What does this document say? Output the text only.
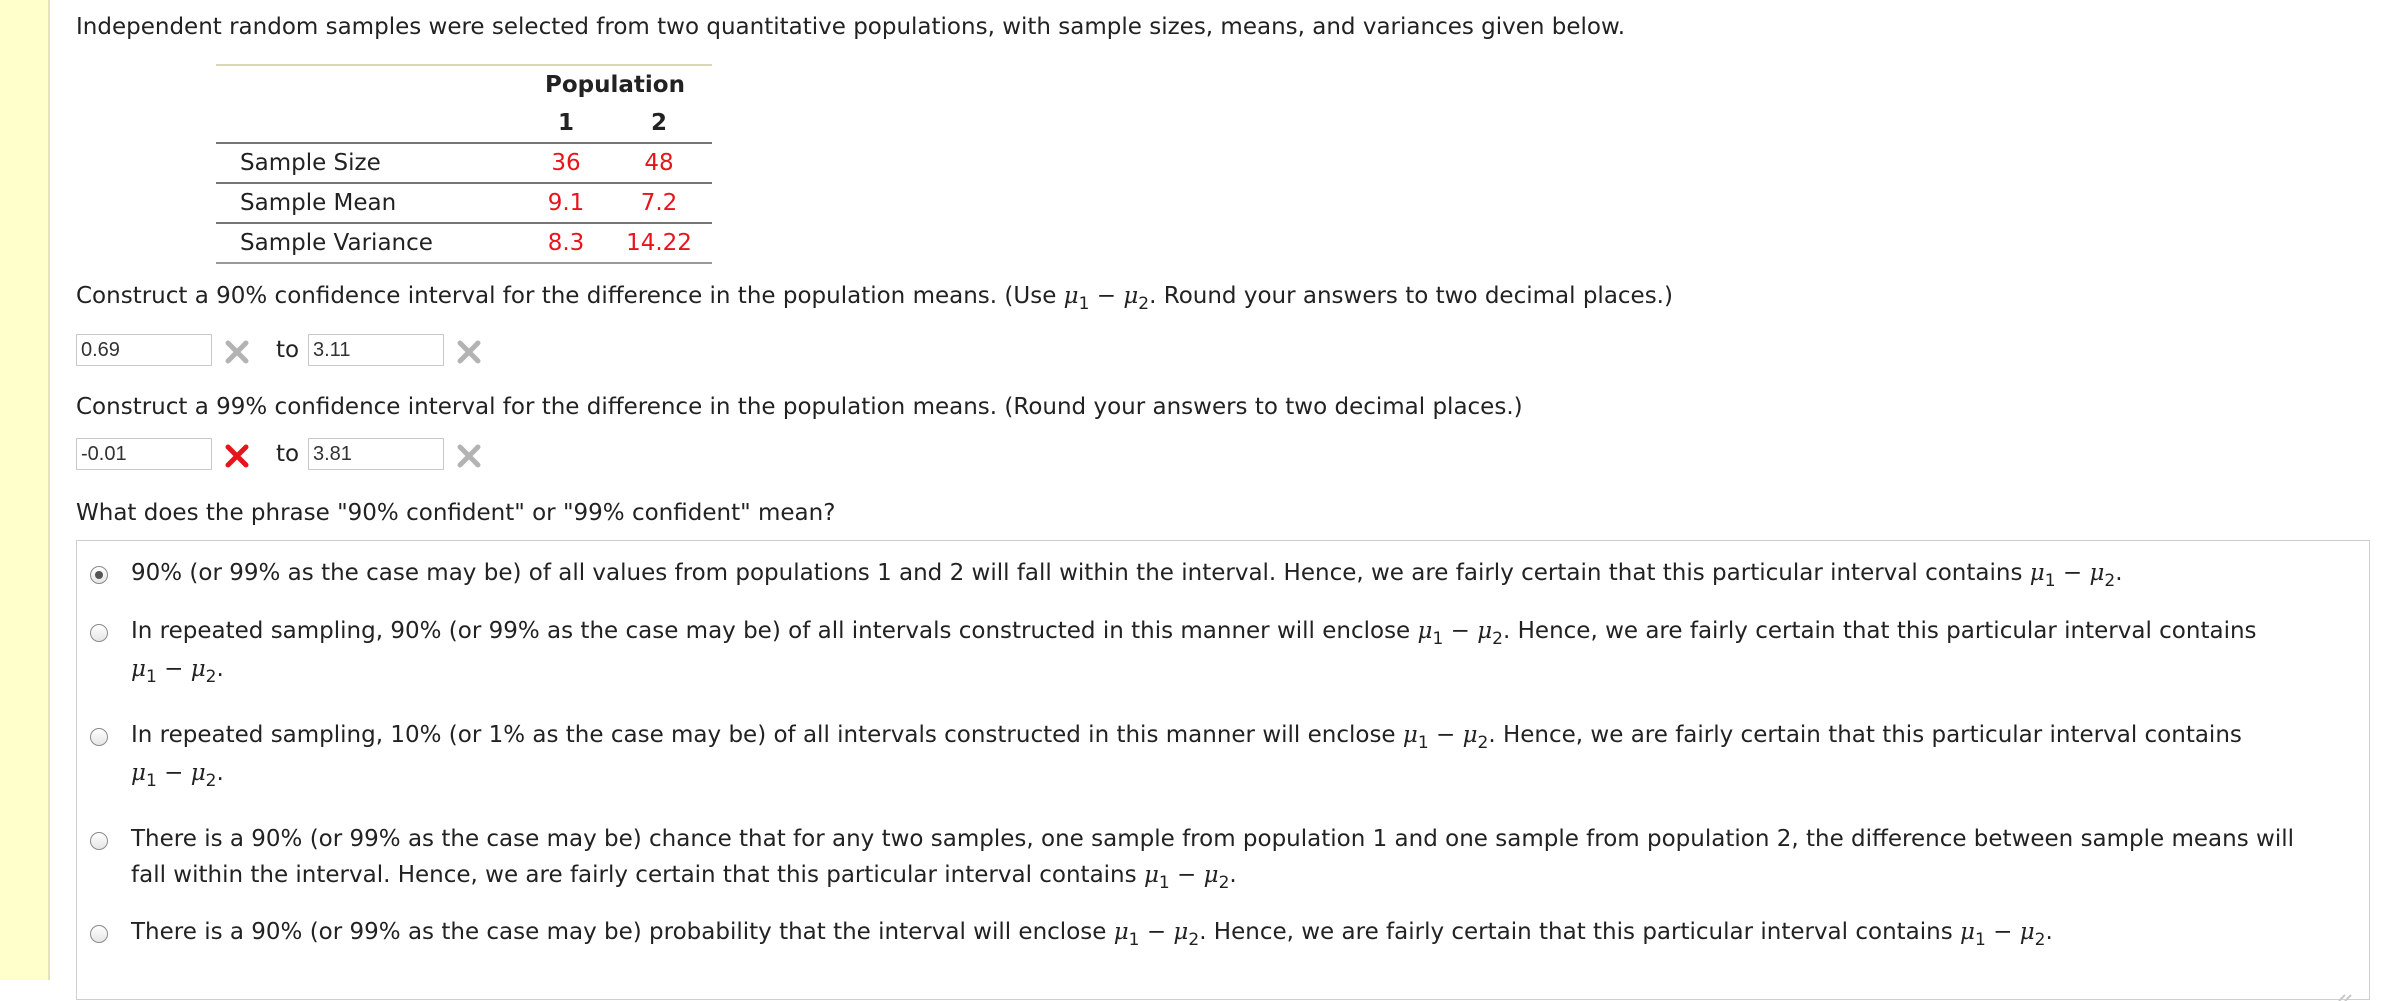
Independent random samples were selected from two quantitative populations, with sample sizes, means, and variances given below.
Population
1	2
Sample Size	36	48
Sample Mean	9.1	7.2
Sample Variance	8.3	14.22
Construct a 90% confidence interval for the difference in the population means. (Use $\mu_1 - \mu_2$. Round your answers to two decimal places.)
0.69
to
3.11
Construct a 99% confidence interval for the difference in the population means. (Round your answers to two decimal places.)
-0.01
to
3.81
What does the phrase "90% confident" or "99% confident" mean?
90% (or 99% as the case may be) of all values from populations 1 and 2 will fall within the interval. Hence, we are fairly certain that this particular interval contains $\mu_1 - \mu_2$.
In repeated sampling, 90% (or 99% as the case may be) of all intervals constructed in this manner will enclose $\mu_1 - \mu_2$. Hence, we are fairly certain that this particular interval contains
$\mu_1 - \mu_2$.
In repeated sampling, 10% (or 1% as the case may be) of all intervals constructed in this manner will enclose $\mu_1 - \mu_2$. Hence, we are fairly certain that this particular interval contains
$\mu_1 - \mu_2$.
There is a 90% (or 99% as the case may be) chance that for any two samples, one sample from population 1 and one sample from population 2, the difference between sample means will
fall within the interval. Hence, we are fairly certain that this particular interval contains $\mu_1 - \mu_2$.
There is a 90% (or 99% as the case may be) probability that the interval will enclose $\mu_1 - \mu_2$. Hence, we are fairly certain that this particular interval contains $\mu_1 - \mu_2$.
